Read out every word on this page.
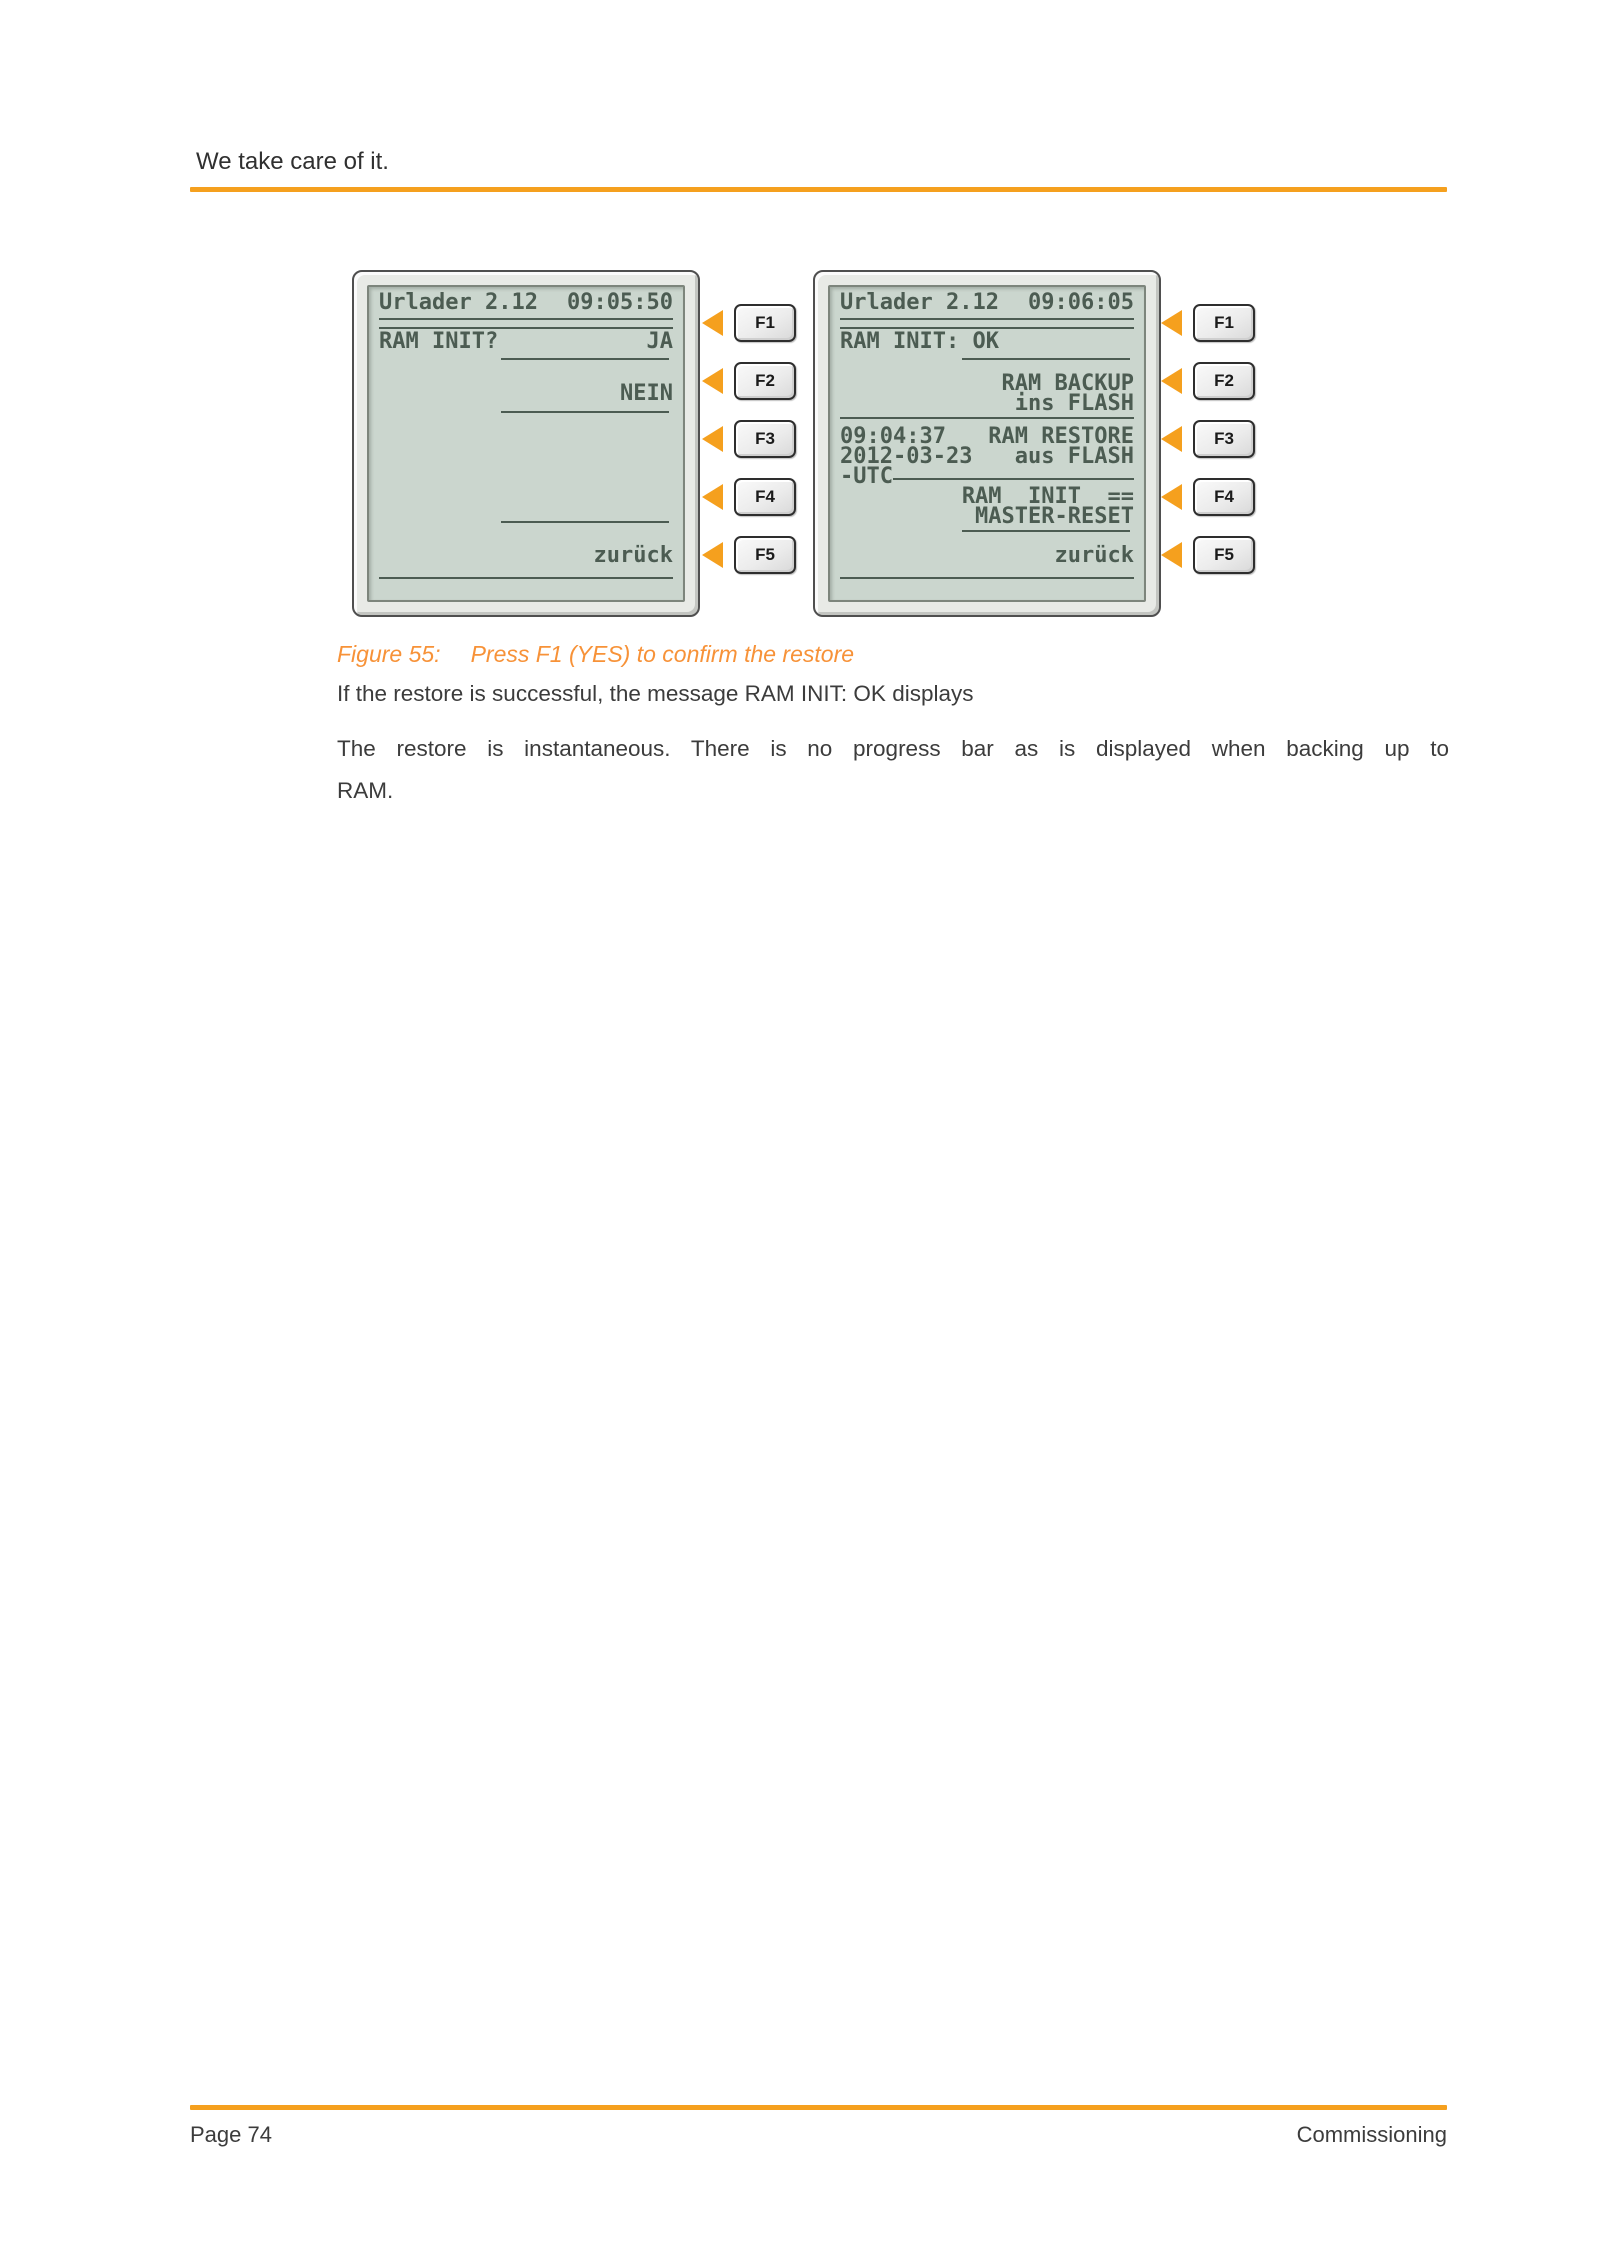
We take care of it.
Urlader 2.12 09:05:50
RAM INIT?	JA
NEIN
zurück
F1
F2
F3
F4
F5
Urlader 2.12 09:06:05
RAM INIT: OK
RAM BACKUP
ins FLASH
09:04:37 RAM RESTORE
2012-03-23 aus FLASH
-UTC
RAM  INIT  ==
MASTER-RESET
zurück
F1
F2
F3
F4
F5
Figure 55: Press F1 (YES) to confirm the restore
If the restore is successful, the message RAM INIT: OK displays
The restore is instantaneous. There is no progress bar as is displayed when backing up to
RAM.
Page 74	Commissioning
